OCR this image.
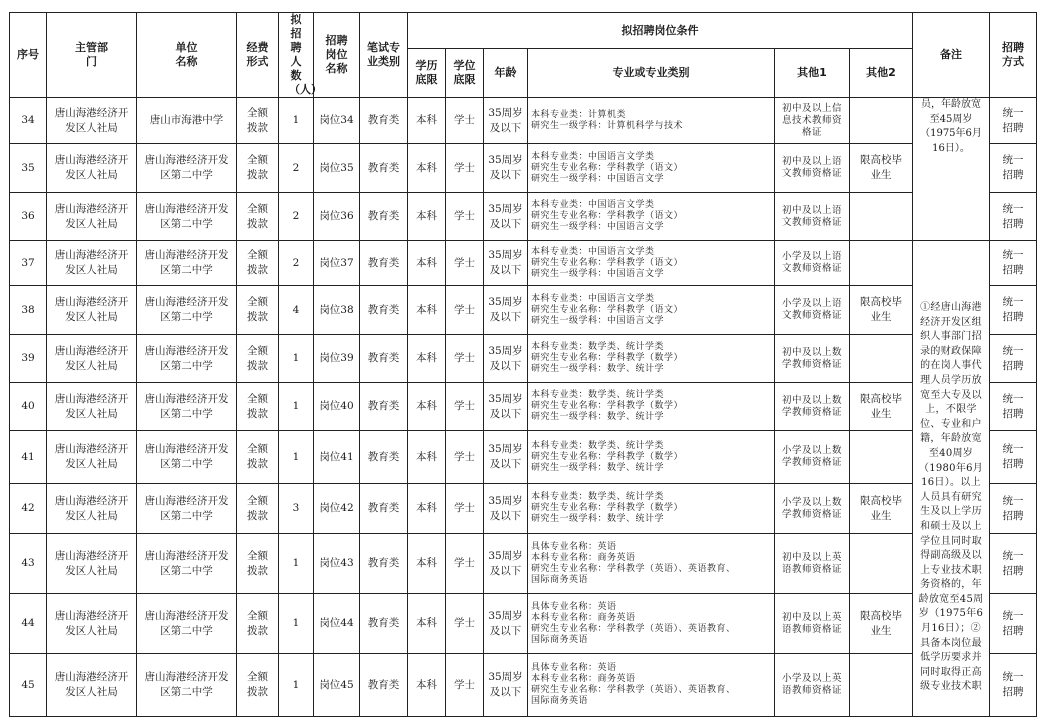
序号	主管部门	单位名称	经费形式	拟招聘人数（人）	招聘岗位名称	笔试专业类别	拟招聘岗位条件						备注	招聘方式

							学历底限	学位底限	年龄	专业或专业类别	其他1	其他2		

34	唐山海港经济开发区人社局	唐山市海港中学	全额拨款	1	岗位34	教育类	本科	学士	35周岁及以下	本科专业类：计算机类
研究生一级学科：计算机科学与技术	初中及以上信息技术教师资格证		员，年龄放宽至45周岁（1975年6月16日）。	统一招聘

35	唐山海港经济开发区人社局	唐山海港经济开发区第二中学	全额拨款	2	岗位35	教育类	本科	学士	35周岁及以下	本科专业类：中国语言文学类
研究生专业名称：学科教学（语文）
研究生一级学科：中国语言文学	初中及以上语文教师资格证	限高校毕业生		统一招聘

36	唐山海港经济开发区人社局	唐山海港经济开发区第二中学	全额拨款	2	岗位36	教育类	本科	学士	35周岁及以下	本科专业类：中国语言文学类
研究生专业名称：学科教学（语文）
研究生一级学科：中国语言文学	初中及以上语文教师资格证			统一招聘

37	唐山海港经济开发区人社局	唐山海港经济开发区第二中学	全额拨款	2	岗位37	教育类	本科	学士	35周岁及以下	本科专业类：中国语言文学类
研究生专业名称：学科教学（语文）
研究生一级学科：中国语言文学	小学及以上语文教师资格证		①经唐山海港经济开发区组织人事部门招录的财政保障的在岗人事代理人员学历放宽至大专及以上，不限学位、专业和户籍，年龄放宽至40周岁（1980年6月16日）。以上人员具有研究生及以上学历和硕士及以上学位且同时取得副高级及以上专业技术职务资格的，年龄放宽至45周岁（1975年6月16日）；②具备本岗位最低学历要求并同时取得正高级专业技术职	统一招聘

38	唐山海港经济开发区人社局	唐山海港经济开发区第二中学	全额拨款	4	岗位38	教育类	本科	学士	35周岁及以下	本科专业类：中国语言文学类
研究生专业名称：学科教学（语文）
研究生一级学科：中国语言文学	小学及以上语文教师资格证	限高校毕业生		统一招聘

39	唐山海港经济开发区人社局	唐山海港经济开发区第二中学	全额拨款	1	岗位39	教育类	本科	学士	35周岁及以下	本科专业类：数学类、统计学类
研究生专业名称：学科教学（数学）
研究生一级学科：数学、统计学	初中及以上数学教师资格证			统一招聘

40	唐山海港经济开发区人社局	唐山海港经济开发区第二中学	全额拨款	1	岗位40	教育类	本科	学士	35周岁及以下	本科专业类：数学类、统计学类
研究生专业名称：学科教学（数学）
研究生一级学科：数学、统计学	初中及以上数学教师资格证	限高校毕业生		统一招聘

41	唐山海港经济开发区人社局	唐山海港经济开发区第二中学	全额拨款	1	岗位41	教育类	本科	学士	35周岁及以下	本科专业类：数学类、统计学类
研究生专业名称：学科教学（数学）
研究生一级学科：数学、统计学	小学及以上数学教师资格证			统一招聘

42	唐山海港经济开发区人社局	唐山海港经济开发区第二中学	全额拨款	3	岗位42	教育类	本科	学士	35周岁及以下	本科专业类：数学类、统计学类
研究生专业名称：学科教学（数学）
研究生一级学科：数学、统计学	小学及以上数学教师资格证	限高校毕业生		统一招聘

43	唐山海港经济开发区人社局	唐山海港经济开发区第二中学	全额拨款	1	岗位43	教育类	本科	学士	35周岁及以下	具体专业名称：英语
本科专业名称：商务英语
研究生专业名称：学科教学（英语）、英语教育、
国际商务英语	初中及以上英语教师资格证			统一招聘

44	唐山海港经济开发区人社局	唐山海港经济开发区第二中学	全额拨款	1	岗位44	教育类	本科	学士	35周岁及以下	具体专业名称：英语
本科专业名称：商务英语
研究生专业名称：学科教学（英语）、英语教育、
国际商务英语	初中及以上英语教师资格证	限高校毕业生		统一招聘

45	唐山海港经济开发区人社局	唐山海港经济开发区第二中学	全额拨款	1	岗位45	教育类	本科	学士	35周岁及以下	具体专业名称：英语
本科专业名称：商务英语
研究生专业名称：学科教学（英语）、英语教育、
国际商务英语	小学及以上英语教师资格证			统一招聘
